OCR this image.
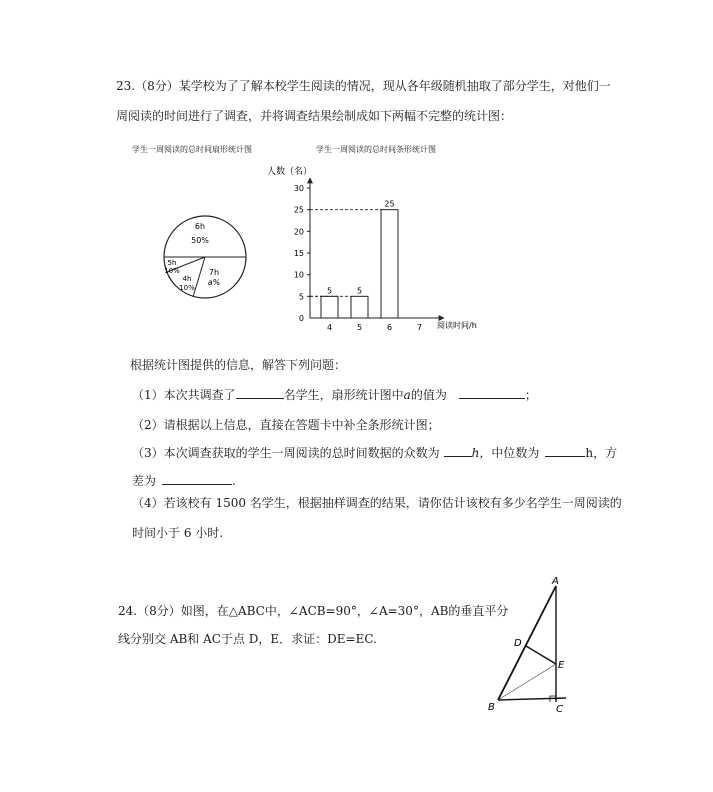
23.（8分）某学校为了了解本校学生阅读的情况，现从各年级随机抽取了部分学生，对他们一
周阅读的时间进行了调查，并将调查结果绘制成如下两幅不完整的统计图：
学生一周阅读的总时间扇形统计图	学生一周阅读的总时间条形统计图
6h
50%
7h
a%
4h
10%
5h
10%
人数（名）
阅读时间/h
0
5
10
15
20
25
30
4
5
5
5
6
25
7
根据统计图提供的信息，解答下列问题：
（1）本次共调查了	名学生，扇形统计图中a的值为	；
（2）请根据以上信息，直接在答题卡中补全条形统计图；
（3）本次调查获取的学生一周阅读的总时间数据的众数为	h，中位数为	h，方
差为	.
（4）若该校有 1500 名学生，根据抽样调查的结果，请你估计该校有多少名学生一周阅读的
时间小于 6 小时.
24.（8分）如图，在△ABC中，∠ACB=90°，∠A=30°，AB的垂直平分
线分别交 AB和 AC于点 D，E．求证：DE=EC.
A
B	C
D
E
